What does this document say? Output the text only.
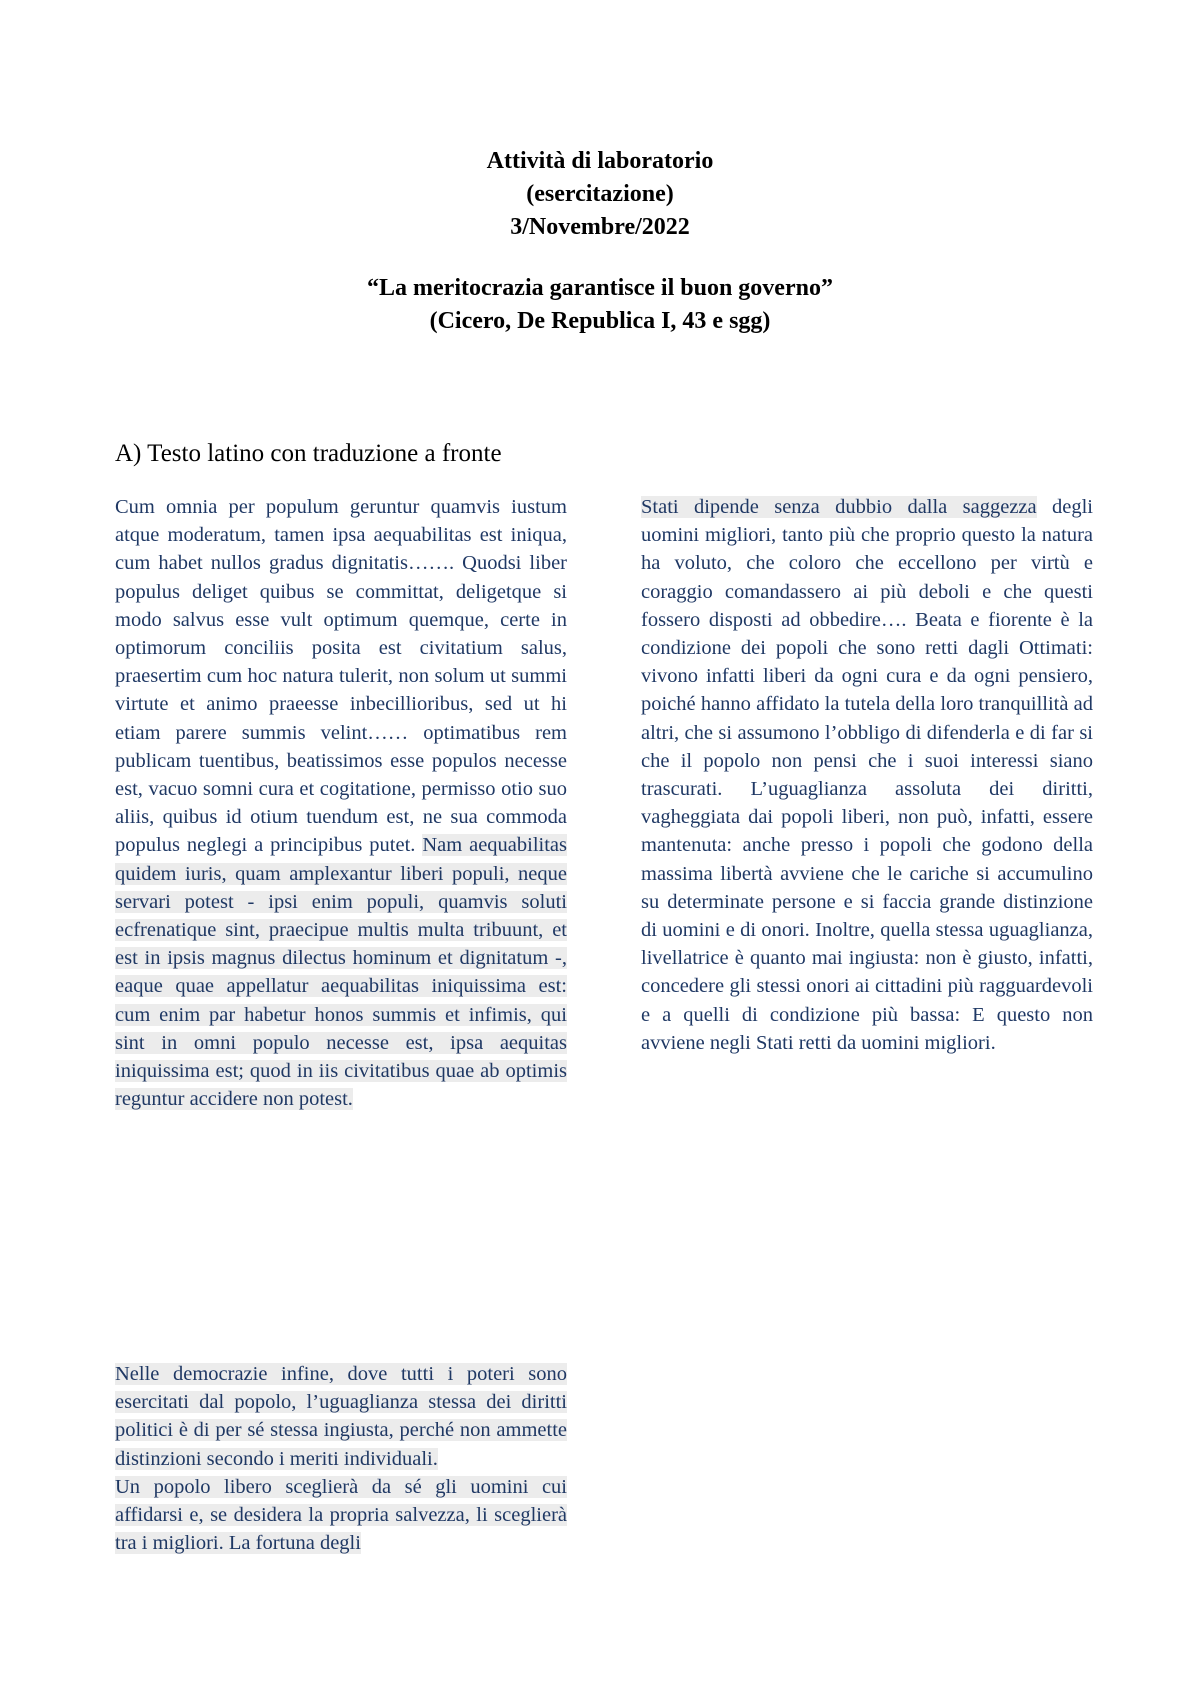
Attività di laboratorio
(esercitazione)
3/Novembre/2022
“La meritocrazia garantisce il buon governo”
(Cicero, De Republica I, 43 e sgg)
A) Testo latino con traduzione a fronte

Cum omnia per populum geruntur quamvis iustum atque moderatum, tamen ipsa aequabilitas est iniqua, cum habet nullos gradus dignitatis……. Quodsi liber populus deliget quibus se committat, deligetque si modo salvus esse vult optimum quemque, certe in optimorum conciliis posita est civitatium salus, praesertim cum hoc natura tulerit, non solum ut summi virtute et animo praeesse inbecillioribus, sed ut hi etiam parere summis velint…… optimatibus rem publicam tuentibus, beatissimos esse populos necesse est, vacuo somni cura et cogitatione, permisso otio suo aliis, quibus id otium tuendum est, ne sua commoda populus neglegi a principibus putet. Nam aequabilitas quidem iuris, quam amplexantur liberi populi, neque servari potest - ipsi enim populi, quamvis soluti ecfrenatique sint, praecipue multis multa tribuunt, et est in ipsis magnus dilectus hominum et dignitatum -, eaque quae appellatur aequabilitas iniquissima est: cum enim par habetur honos summis et infimis, qui sint in omni populo necesse est, ipsa aequitas iniquissima est; quod in iis civitatibus quae ab optimis reguntur accidere non potest.

Stati dipende senza dubbio dalla saggezza degli uomini migliori, tanto più che proprio questo la natura ha voluto, che coloro che eccellono per virtù e coraggio comandassero ai più deboli e che questi fossero disposti ad obbedire…. Beata e fiorente è la condizione dei popoli che sono retti dagli Ottimati: vivono infatti liberi da ogni cura e da ogni pensiero, poiché hanno affidato la tutela della loro tranquillità ad altri, che si assumono l’obbligo di difenderla e di far si che il popolo non pensi che i suoi interessi siano trascurati. L’uguaglianza assoluta dei diritti, vagheggiata dai popoli liberi, non può, infatti, essere mantenuta: anche presso i popoli che godono della massima libertà avviene che le cariche si accumulino su determinate persone e si faccia grande distinzione di uomini e di onori. Inoltre, quella stessa uguaglianza, livellatrice è quanto mai ingiusta: non è giusto, infatti, concedere gli stessi onori ai cittadini più ragguardevoli e a quelli di condizione più bassa: E questo non avviene negli Stati retti da uomini migliori.

Nelle democrazie infine, dove tutti i poteri sono esercitati dal popolo, l’uguaglianza stessa dei diritti politici è di per sé stessa ingiusta, perché non ammette distinzioni secondo i meriti individuali.

Un popolo libero sceglierà da sé gli uomini cui affidarsi e, se desidera la propria salvezza, li sceglierà tra i migliori. La fortuna degli
